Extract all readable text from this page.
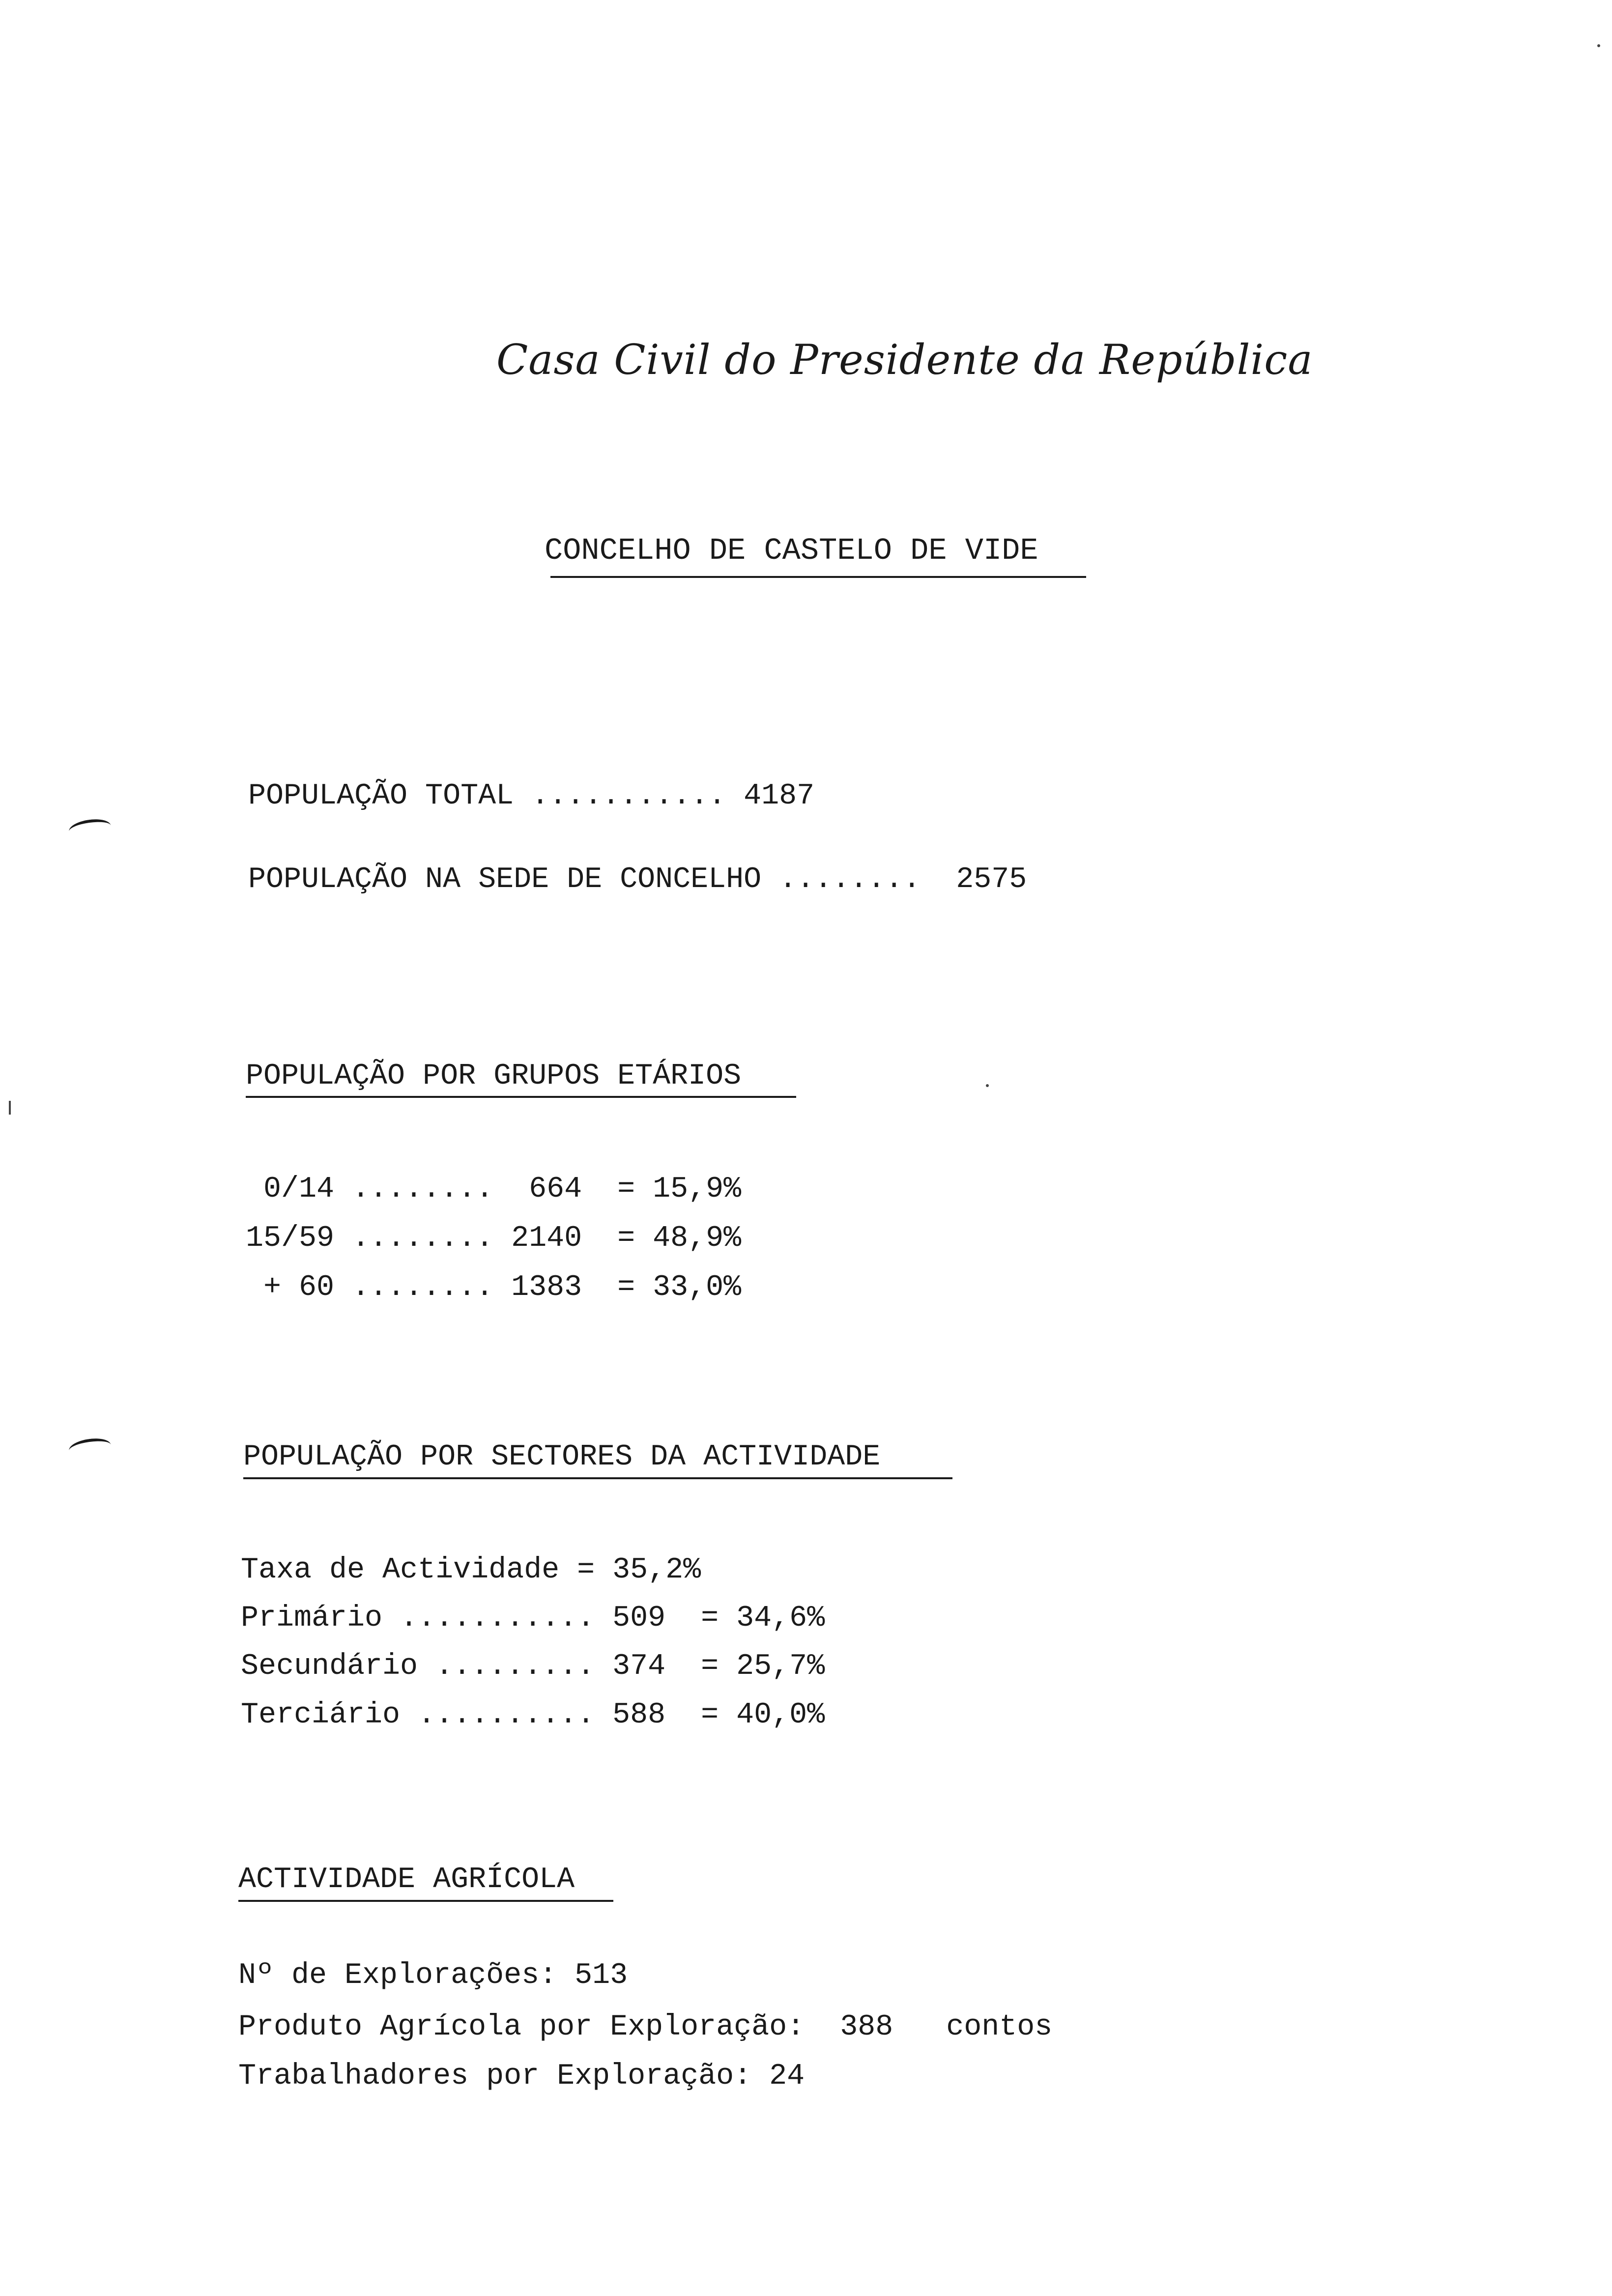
Casa Civil do Presidente da República
CONCELHO DE CASTELO DE VIDE
POPULAÇÃO TOTAL ........... 4187
POPULAÇÃO NA SEDE DE CONCELHO ........  2575
POPULAÇÃO POR GRUPOS ETÁRIOS
0/14 ........  664  = 15,9%
15/59 ........ 2140  = 48,9%
+ 60 ........ 1383  = 33,0%
POPULAÇÃO POR SECTORES DA ACTIVIDADE
Taxa de Actividade = 35,2%
Primário ........... 509  = 34,6%
Secundário ......... 374  = 25,7%
Terciário .......... 588  = 40,0%
ACTIVIDADE AGRÍCOLA
Nº de Explorações: 513
Produto Agrícola por Exploração:  388   contos
Trabalhadores por Exploração: 24
